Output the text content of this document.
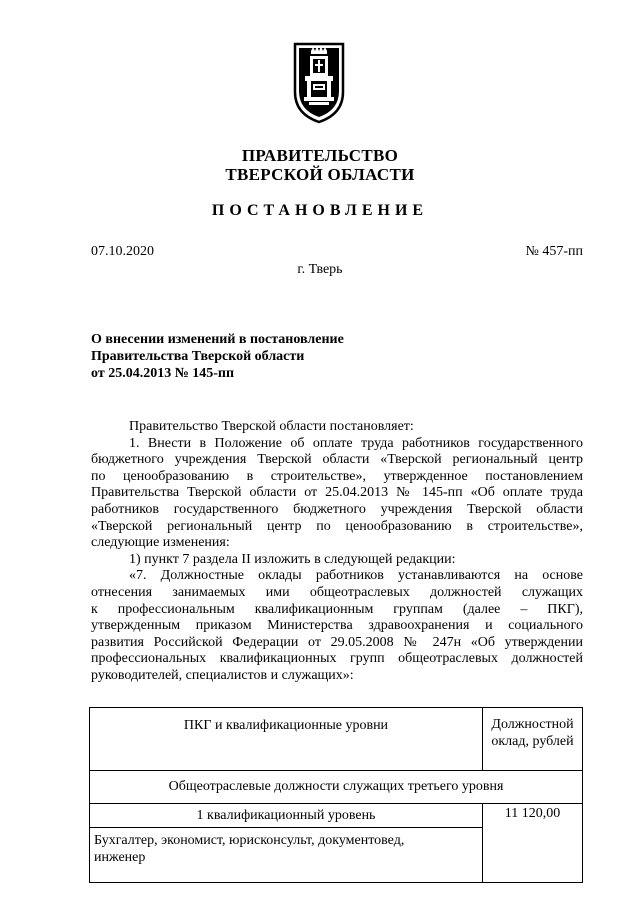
ПРАВИТЕЛЬСТВО
ТВЕРСКОЙ ОБЛАСТИ
ПОСТАНОВЛЕНИЕ
07.10.2020	№ 457-пп
г. Тверь
О внесении изменений в постановление
Правительства Тверской области
от 25.04.2013 № 145-пп
Правительство Тверской области постановляет:
1. Внести в Положение об оплате труда работников государственного
бюджетного учреждения Тверской области «Тверской региональный центр
по ценообразованию в строительстве», утвержденное постановлением
Правительства Тверской области от 25.04.2013 № 145-пп «Об оплате труда
работников государственного бюджетного учреждения Тверской области
«Тверской региональный центр по ценообразованию в строительстве»,
следующие изменения:
1) пункт 7 раздела II изложить в следующей редакции:
«7. Должностные оклады работников устанавливаются на основе
отнесения занимаемых ими общеотраслевых должностей служащих
к профессиональным квалификационным группам (далее – ПКГ),
утвержденным приказом Министерства здравоохранения и социального
развития Российской Федерации от 29.05.2008 № 247н «Об утверждении
профессиональных квалификационных групп общеотраслевых должностей
руководителей, специалистов и служащих»:
ПКГ и квалификационные уровни	Должностной
оклад, рублей

Общеотраслевые должности служащих третьего уровня	
1 квалификационный уровень	11 120,00

Бухгалтер, экономист, юрисконсульт, документовед,
инженер	
